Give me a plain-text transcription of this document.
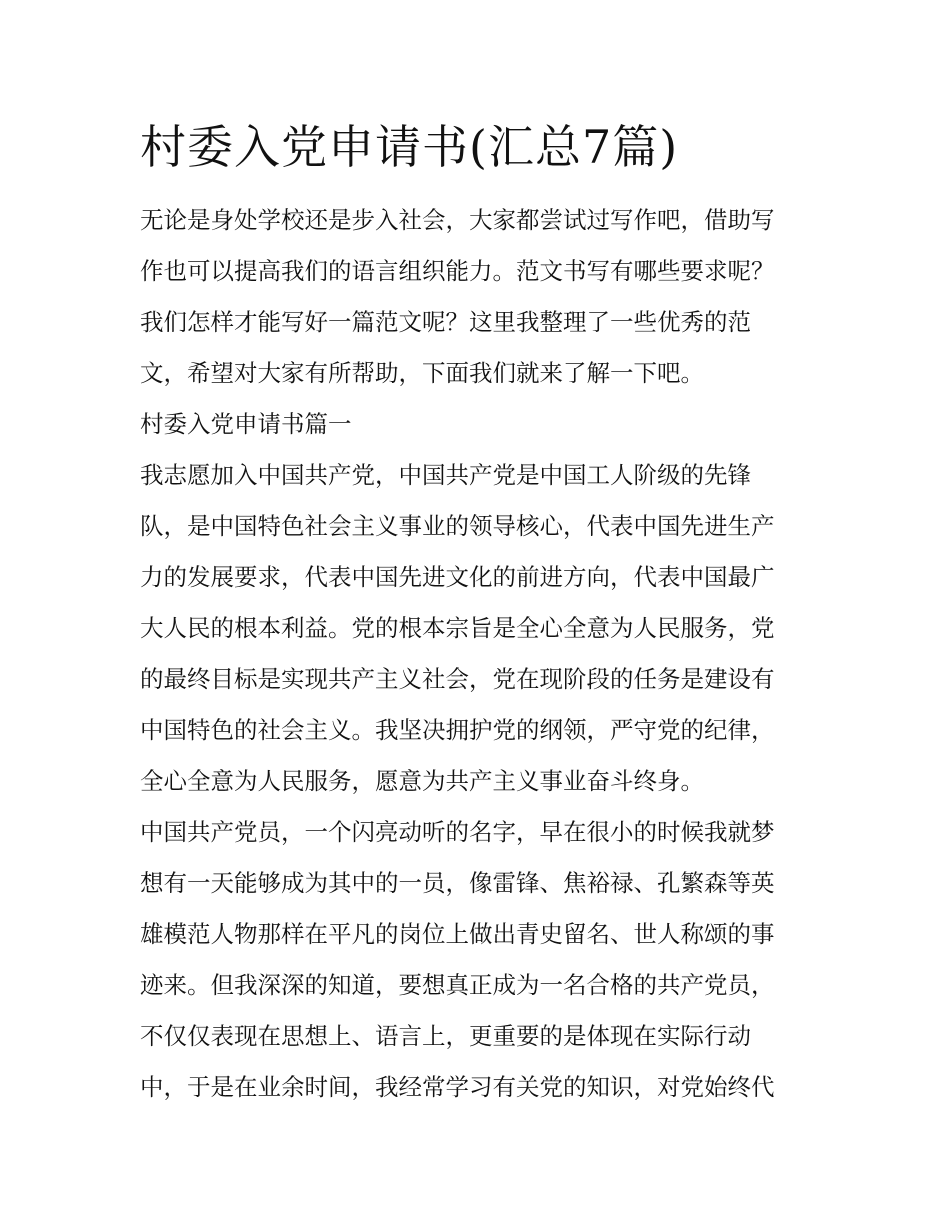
村委入党申请书(汇总7篇)
无论是身处学校还是步入社会，大家都尝试过写作吧，借助写
作也可以提高我们的语言组织能力。范文书写有哪些要求呢？
我们怎样才能写好一篇范文呢？这里我整理了一些优秀的范
文，希望对大家有所帮助，下面我们就来了解一下吧。
村委入党申请书篇一
我志愿加入中国共产党，中国共产党是中国工人阶级的先锋
队，是中国特色社会主义事业的领导核心，代表中国先进生产
力的发展要求，代表中国先进文化的前进方向，代表中国最广
大人民的根本利益。党的根本宗旨是全心全意为人民服务，党
的最终目标是实现共产主义社会，党在现阶段的任务是建设有
中国特色的社会主义。我坚决拥护党的纲领，严守党的纪律，
全心全意为人民服务，愿意为共产主义事业奋斗终身。
中国共产党员，一个闪亮动听的名字，早在很小的时候我就梦
想有一天能够成为其中的一员，像雷锋、焦裕禄、孔繁森等英
雄模范人物那样在平凡的岗位上做出青史留名、世人称颂的事
迹来。但我深深的知道，要想真正成为一名合格的共产党员，
不仅仅表现在思想上、语言上，更重要的是体现在实际行动
中，于是在业余时间，我经常学习有关党的知识，对党始终代
